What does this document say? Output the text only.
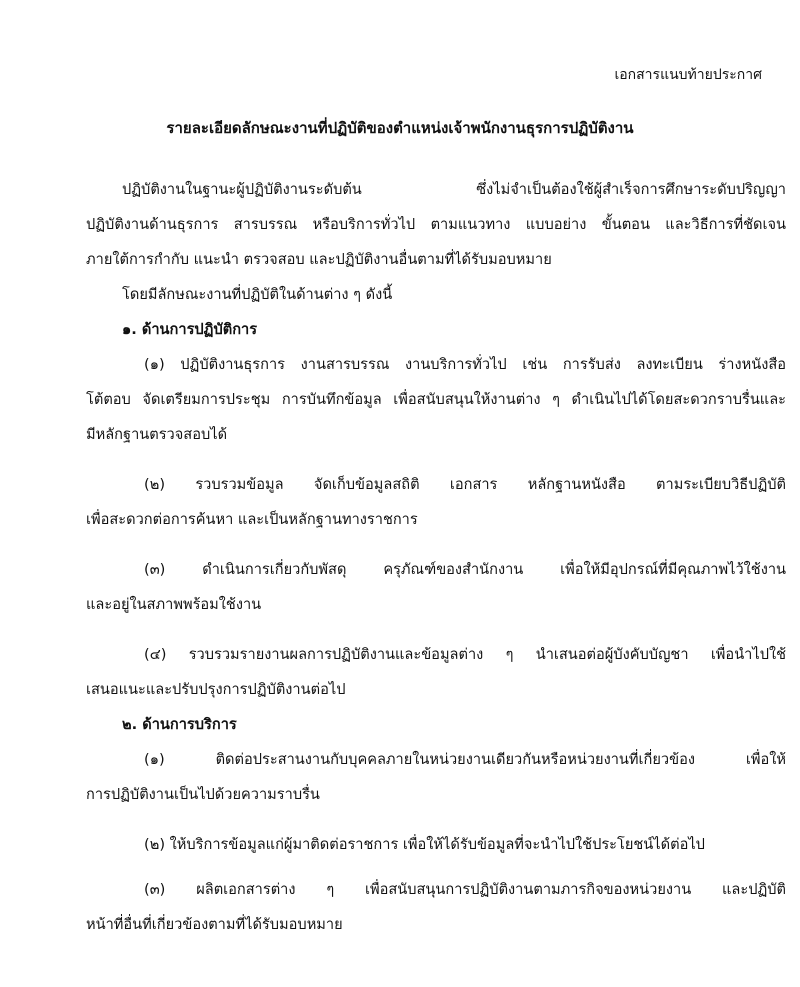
เอกสารแนบท้ายประกาศ
รายละเอียดลักษณะงานที่ปฏิบัติของตำแหน่งเจ้าพนักงานธุรการปฏิบัติงาน
ปฏิบัติงานในฐานะผู้ปฏิบัติงานระดับต้น ซึ่งไม่จำเป็นต้องใช้ผู้สำเร็จการศึกษาระดับปริญญา
ปฏิบัติงานด้านธุรการ สารบรรณ หรือบริการทั่วไป ตามแนวทาง แบบอย่าง ขั้นตอน และวิธีการที่ชัดเจน
ภายใต้การกำกับ แนะนำ ตรวจสอบ และปฏิบัติงานอื่นตามที่ได้รับมอบหมาย
โดยมีลักษณะงานที่ปฏิบัติในด้านต่าง ๆ ดังนี้
๑. ด้านการปฏิบัติการ
(๑) ปฏิบัติงานธุรการ งานสารบรรณ งานบริการทั่วไป เช่น การรับส่ง ลงทะเบียน ร่างหนังสือ
โต้ตอบ จัดเตรียมการประชุม การบันทึกข้อมูล เพื่อสนับสนุนให้งานต่าง ๆ ดำเนินไปได้โดยสะดวกราบรื่นและ
มีหลักฐานตรวจสอบได้
(๒) รวบรวมข้อมูล จัดเก็บข้อมูลสถิติ เอกสาร หลักฐานหนังสือ ตามระเบียบวิธีปฏิบัติ
เพื่อสะดวกต่อการค้นหา และเป็นหลักฐานทางราชการ
(๓) ดำเนินการเกี่ยวกับพัสดุ ครุภัณฑ์ของสำนักงาน เพื่อให้มีอุปกรณ์ที่มีคุณภาพไว้ใช้งาน
และอยู่ในสภาพพร้อมใช้งาน
(๔) รวบรวมรายงานผลการปฏิบัติงานและข้อมูลต่าง ๆ นำเสนอต่อผู้บังคับบัญชา เพื่อนำไปใช้
เสนอแนะและปรับปรุงการปฏิบัติงานต่อไป
๒. ด้านการบริการ
(๑) ติดต่อประสานงานกับบุคคลภายในหน่วยงานเดียวกันหรือหน่วยงานที่เกี่ยวข้อง เพื่อให้
การปฏิบัติงานเป็นไปด้วยความราบรื่น
(๒) ให้บริการข้อมูลแก่ผู้มาติดต่อราชการ เพื่อให้ได้รับข้อมูลที่จะนำไปใช้ประโยชน์ได้ต่อไป
(๓) ผลิตเอกสารต่าง ๆ เพื่อสนับสนุนการปฏิบัติงานตามภารกิจของหน่วยงาน และปฏิบัติ
หน้าที่อื่นที่เกี่ยวข้องตามที่ได้รับมอบหมาย
